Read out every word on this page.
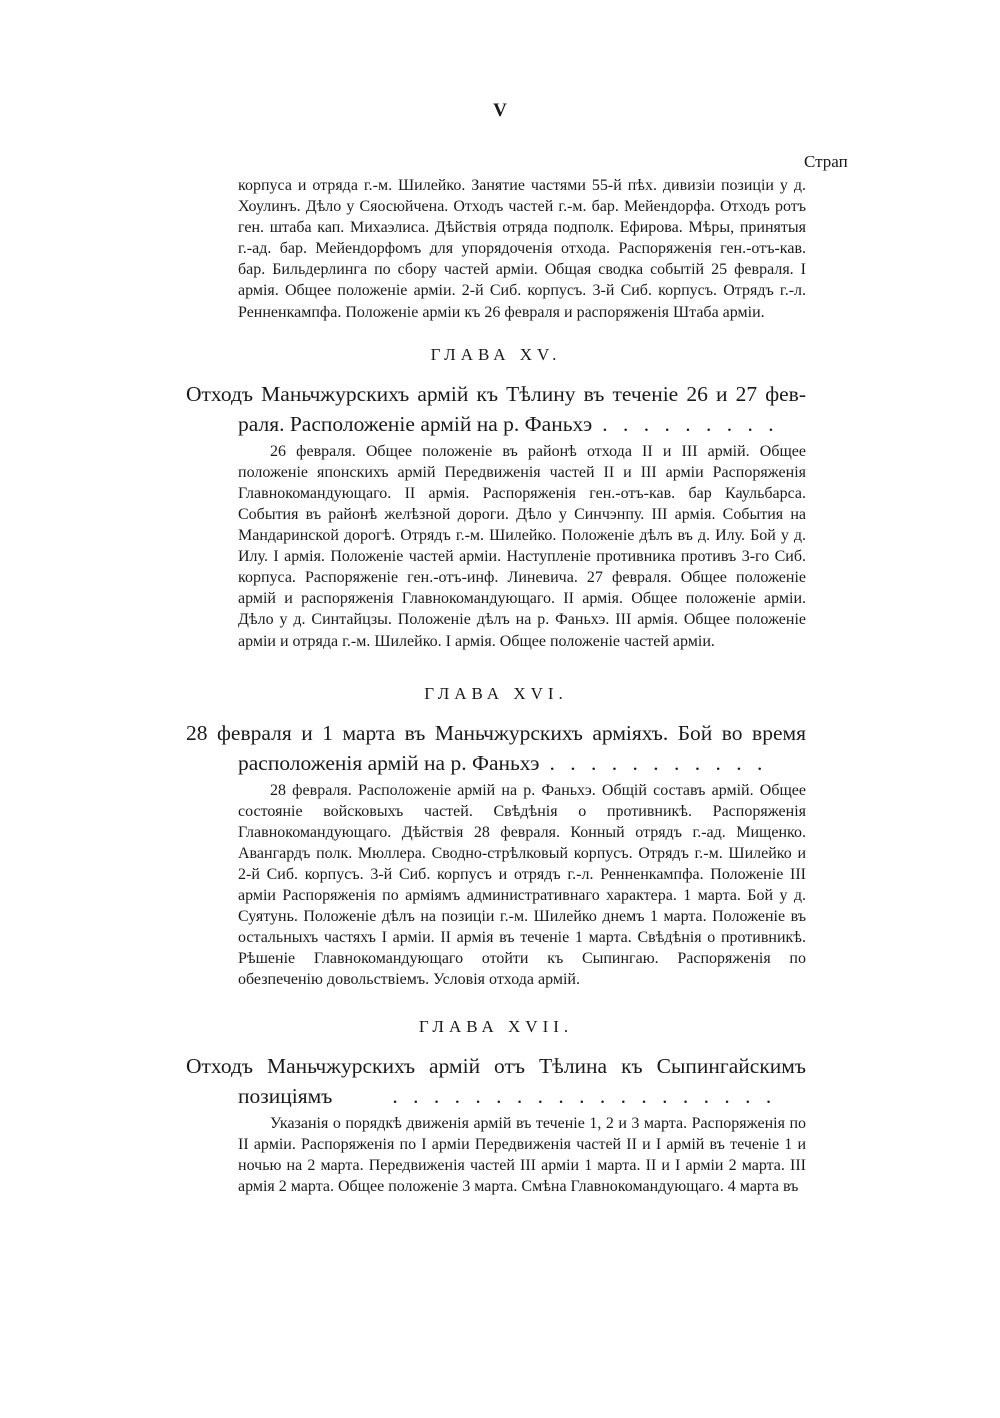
V
Страп

корпуса и отряда г.-м. Шилейко. Занятие частями 55-й пѣх. дивизіи позиціи у д. Хоулинъ. Дѣло у Сяосюйчена. Отходъ частей г.-м. бар. Мейендорфа. Отходъ ротъ ген. штаба кап. Михаэлиса. Дѣйствія отряда подполк. Ефирова. Мѣры, принятыя г.-ад. бар. Мейендорфомъ для упорядоченія отхода. Распоряженія ген.-отъ-кав. бар. Бильдерлинга по сбору частей арміи. Общая сводка событій 25 февраля. I армія. Общее положеніе арміи. 2-й Сиб. корпусъ. 3-й Сиб. корпусъ. Отрядъ г.-л. Ренненкампфа. Положеніе арміи къ 26 февраля и распоряженія Штаба арміи.

ГЛАВА XV.

Отходъ Маньчжурскихъ армій къ Тѣлину въ теченіе 26 и 27 фев-
раля. Расположеніе армій на р. Фаньхэ . . . . . . . . .

26 февраля. Общее положеніе въ районѣ отхода II и III армій. Общее положеніе японскихъ армій Передвиженія частей II и III арміи Распоряженія Главнокомандующаго. II армія. Распоряженія ген.-отъ-кав. бар Каульбарса. События въ районѣ желѣзной дороги. Дѣло у Синчэнпу. III армія. События на Мандаринской дорогѣ. Отрядъ г.-м. Шилейко. Положеніе дѣлъ въ д. Илу. Бой у д. Илу. I армія. Положеніе частей арміи. Наступленіе противника противъ 3-го Сиб. корпуса. Распоряженіе ген.-отъ-инф. Линевича. 27 февраля. Общее положеніе армій и распоряженія Главнокомандующаго. II армія. Общее положеніе арміи. Дѣло у д. Синтайцзы. Положеніе дѣлъ на р. Фаньхэ. III армія. Общее положеніе арміи и отряда г.-м. Шилейко. I армія. Общее положеніе частей арміи.

ГЛАВА XVI.

28 февраля и 1 марта въ Маньчжурскихъ арміяхъ. Бой во время
расположенія армій на р. Фаньхэ . . . . . . . . . . .

28 февраля. Расположеніе армій на р. Фаньхэ. Общій составъ армій. Общее состояніе войсковыхъ частей. Свѣдѣнія о противникѣ. Распоряженія Главнокомандующаго. Дѣйствія 28 февраля. Конный отрядъ г.-ад. Мищенко. Авангардъ полк. Мюллера. Сводно-стрѣлковый корпусъ. Отрядъ г.-м. Шилейко и 2-й Сиб. корпусъ. 3-й Сиб. корпусъ и отрядъ г.-л. Ренненкампфа. Положеніе III арміи Распоряженія по арміямъ административнаго характера. 1 марта. Бой у д. Суятунь. Положеніе дѣлъ на позиціи г.-м. Шилейко днемъ 1 марта. Положеніе въ остальныхъ частяхъ I арміи. II армія въ теченіе 1 марта. Свѣдѣнія о противникѣ. Рѣшеніе Главнокомандующаго отойти къ Сыпингаю. Распоряженія по обезпеченію довольствіемъ. Условія отхода армій.

ГЛАВА XVII.

Отходъ Маньчжурскихъ армій отъ Тѣлина къ Сыпингайскимъ
позиціямъ	. . . . . . . . . . . . . . . . . . .

Указанія о порядкѣ движенія армій въ теченіе 1, 2 и 3 марта. Распоряженія по II арміи. Распоряженія по I арміи Передвиженія частей II и I армій въ теченіе 1 и ночью на 2 марта. Передвиженія частей III арміи 1 марта. II и I арміи 2 марта. III армія 2 марта. Общее положеніе 3 марта. Смѣна Главнокомандующаго. 4 марта въ
